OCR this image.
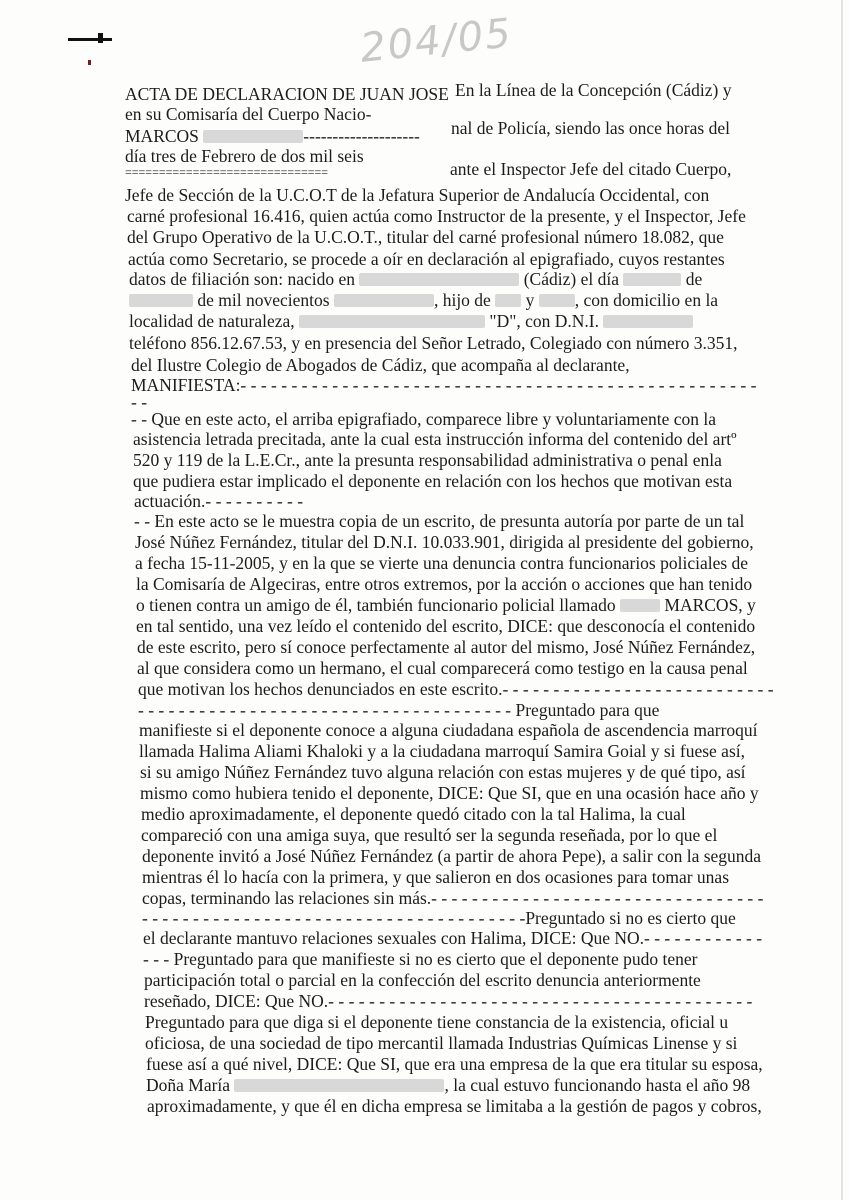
204/05
ACTA DE DECLARACION DE JUAN JOSE En la Línea de la Concepción (Cádiz) y
en su Comisaría del Cuerpo Nacio-
MARCOS	-------------------- nal de Policía, siendo las once horas del
día tres de Febrero de dos mil seis
==============================	ante el Inspector Jefe del citado Cuerpo,
Jefe de Sección de la U.C.O.T de la Jefatura Superior de Andalucía Occidental, con
carné profesional 16.416, quien actúa como Instructor de la presente, y el Inspector, Jefe
del Grupo Operativo de la U.C.O.T., titular del carné profesional número 18.082, que
actúa como Secretario, se procede a oír en declaración al epigrafiado, cuyos restantes
datos de filiación son: nacido en	(Cádiz) el día	de
de mil novecientos	, hijo de y , con domicilio en la
localidad de naturaleza,	"D", con D.N.I.
teléfono 856.12.67.53, y en presencia del Señor Letrado, Colegiado con número 3.351,
del Ilustre Colegio de Abogados de Cádiz, que acompaña al declarante,
MANIFIESTA:- - - - - - - - - - - - - - - - - - - - - - - - - - - - - - - - - - - - - - - - - - - - - - - - - - -
- -
- - Que en este acto, el arriba epigrafiado, comparece libre y voluntariamente con la
asistencia letrada precitada, ante la cual esta instrucción informa del contenido del artº
520 y 119 de la L.E.Cr., ante la presunta responsabilidad administrativa o penal enla
que pudiera estar implicado el deponente en relación con los hechos que motivan esta
actuación.- - - - - - - - - -
- - En este acto se le muestra copia de un escrito, de presunta autoría por parte de un tal
José Núñez Fernández, titular del D.N.I. 10.033.901, dirigida al presidente del gobierno,
a fecha 15-11-2005, y en la que se vierte una denuncia contra funcionarios policiales de
la Comisaría de Algeciras, entre otros extremos, por la acción o acciones que han tenido
o tienen contra un amigo de él, también funcionario policial llamado	MARCOS, y
en tal sentido, una vez leído el contenido del escrito, DICE: que desconocía el contenido
de este escrito, pero sí conoce perfectamente al autor del mismo, José Núñez Fernández,
al que considera como un hermano, el cual comparecerá como testigo en la causa penal
que motivan los hechos denunciados en este escrito.- - - - - - - - - - - - - - - - - - - - - - - - - - -
- - - - - - - - - - - - - - - - - - - - - - - - - - - - - - - - - - - - - Preguntado para que
manifieste si el deponente conoce a alguna ciudadana española de ascendencia marroquí
llamada Halima Aliami Khaloki y a la ciudadana marroquí Samira Goial y si fuese así,
si su amigo Núñez Fernández tuvo alguna relación con estas mujeres y de qué tipo, así
mismo como hubiera tenido el deponente, DICE: Que SI, que en una ocasión hace año y
medio aproximadamente, el deponente quedó citado con la tal Halima, la cual
compareció con una amiga suya, que resultó ser la segunda reseñada, por lo que el
deponente invitó a José Núñez Fernández (a partir de ahora Pepe), a salir con la segunda
mientras él lo hacía con la primera, y que salieron en dos ocasiones para tomar unas
copas, terminando las relaciones sin más.- - - - - - - - - - - - - - - - - - - - - - - - - - - - - - - - -
- - - - - - - - - - - - - - - - - - - - - - - - - - - - - - - - - - - - - -Preguntado si no es cierto que
el declarante mantuvo relaciones sexuales con Halima, DICE: Que NO.- - - - - - - - - - - -
- - - Preguntado para que manifieste si no es cierto que el deponente pudo tener
participación total o parcial en la confección del escrito denuncia anteriormente
reseñado, DICE: Que NO.- - - - - - - - - - - - - - - - - - - - - - - - - - - - - - - - - - - - - - - - - -
Preguntado para que diga si el deponente tiene constancia de la existencia, oficial u
oficiosa, de una sociedad de tipo mercantil llamada Industrias Químicas Linense y si
fuese así a qué nivel, DICE: Que SI, que era una empresa de la que era titular su esposa,
Doña María	, la cual estuvo funcionando hasta el año 98
aproximadamente, y que él en dicha empresa se limitaba a la gestión de pagos y cobros,
